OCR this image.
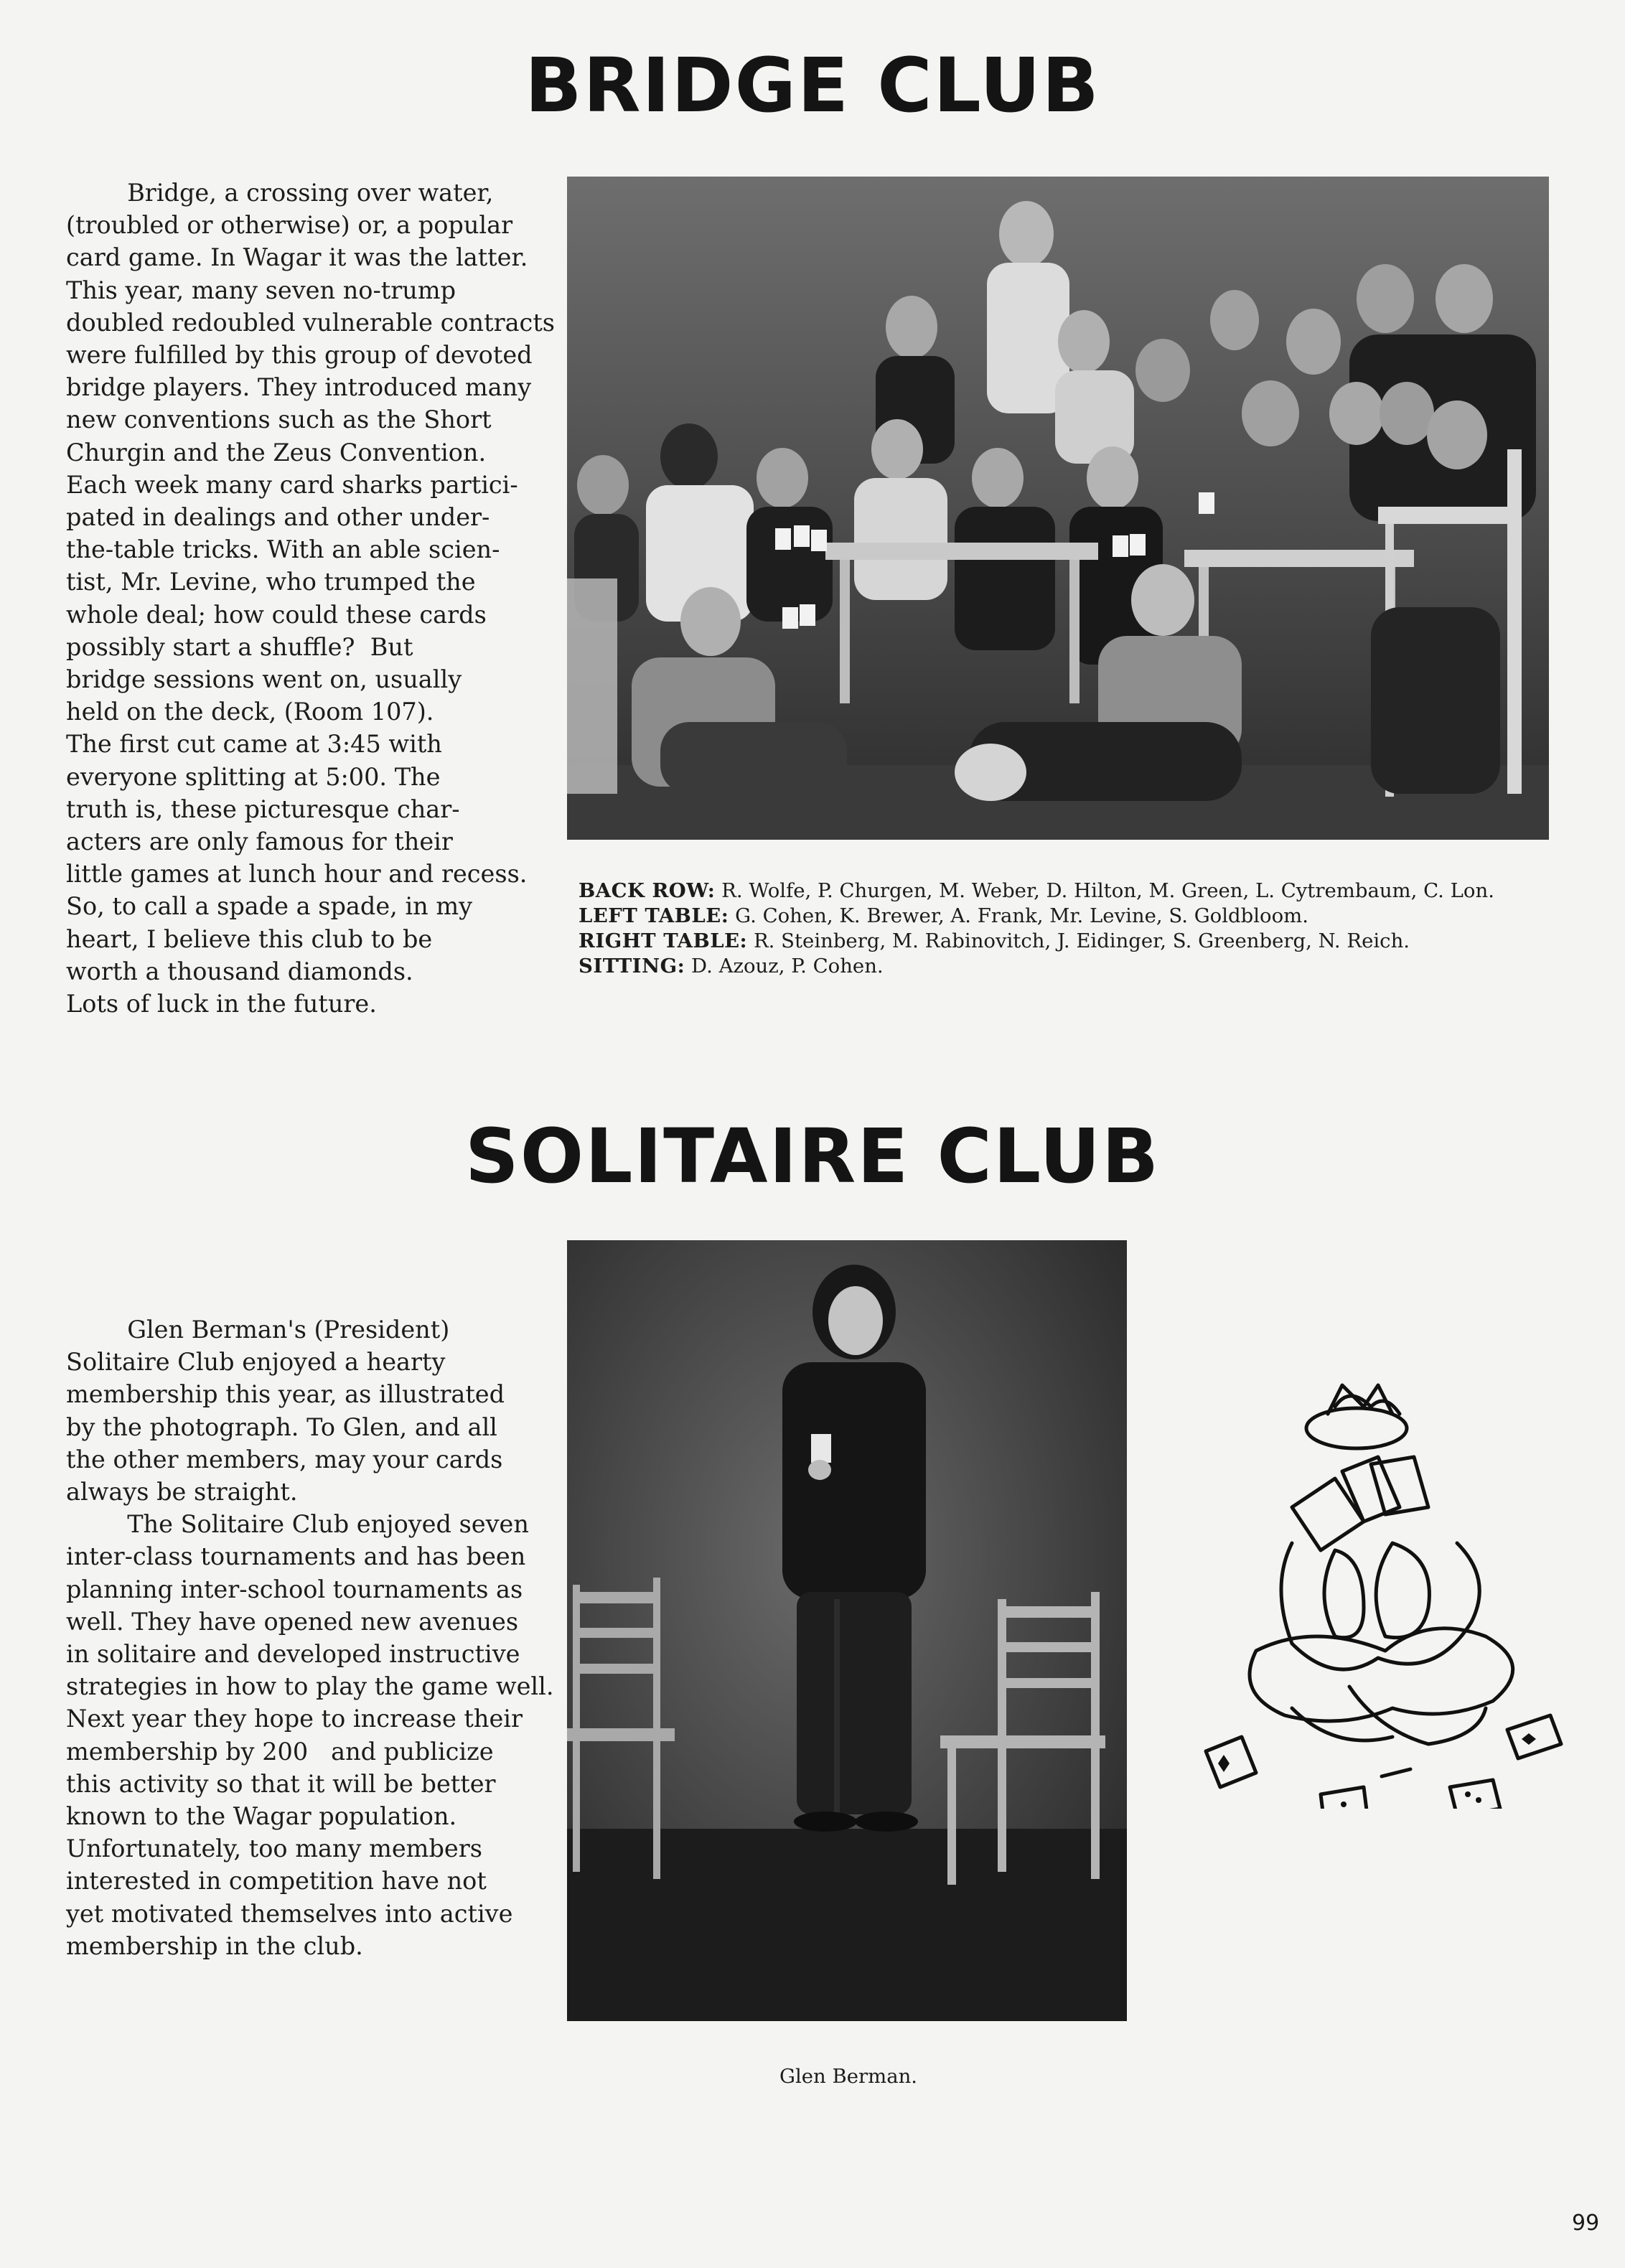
BRIDGE CLUB
Bridge, a crossing over water,
(troubled or otherwise) or, a popular
card game. In Wagar it was the latter.
This year, many seven no-trump
doubled redoubled vulnerable contracts
were fulfilled by this group of devoted
bridge players. They introduced many
new conventions such as the Short
Churgin and the Zeus Convention.
Each week many card sharks partici-
pated in dealings and other under-
the-table tricks. With an able scien-
tist, Mr. Levine, who trumped the
whole deal; how could these cards
possibly start a shuffle?  But
bridge sessions went on, usually
held on the deck, (Room 107).
The first cut came at 3:45 with
everyone splitting at 5:00. The
truth is, these picturesque char-
acters are only famous for their
little games at lunch hour and recess.
So, to call a spade a spade, in my
heart, I believe this club to be
worth a thousand diamonds.
Lots of luck in the future.
BACK ROW: R. Wolfe, P. Churgen, M. Weber, D. Hilton, M. Green, L. Cytrembaum, C. Lon.
LEFT TABLE: G. Cohen, K. Brewer, A. Frank, Mr. Levine, S. Goldbloom.
RIGHT TABLE: R. Steinberg, M. Rabinovitch, J. Eidinger, S. Greenberg, N. Reich.
SITTING: D. Azouz, P. Cohen.
SOLITAIRE CLUB
Glen Berman's (President)
Solitaire Club enjoyed a hearty
membership this year, as illustrated
by the photograph. To Glen, and all
the other members, may your cards
always be straight.
The Solitaire Club enjoyed seven
inter-class tournaments and has been
planning inter-school tournaments as
well. They have opened new avenues
in solitaire and developed instructive
strategies in how to play the game well.
Next year they hope to increase their
membership by 200   and publicize
this activity so that it will be better
known to the Wagar population.
Unfortunately, too many members
interested in competition have not
yet motivated themselves into active
membership in the club.
Glen Berman.
99
